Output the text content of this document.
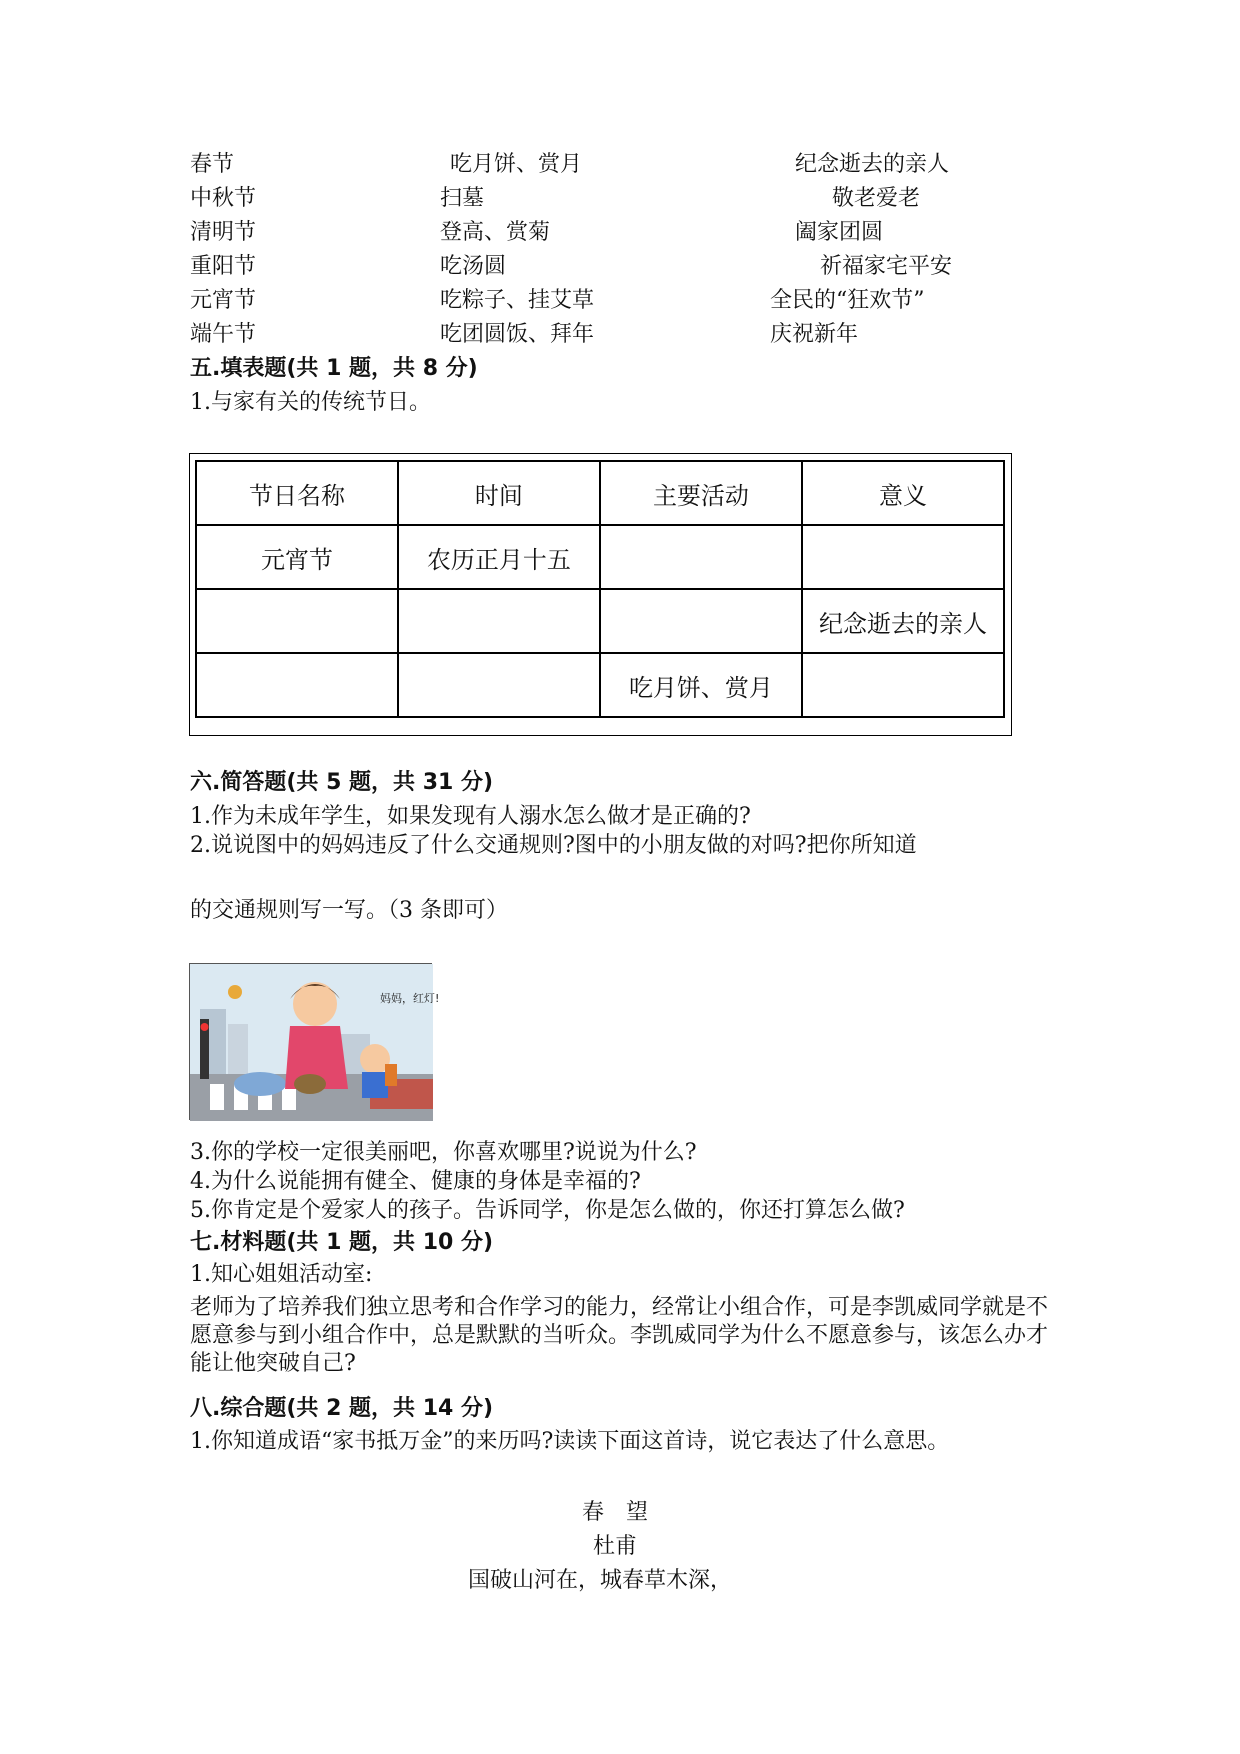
春节	吃月饼、赏月	纪念逝去的亲人
中秋节	扫墓	敬老爱老
清明节	登高、赏菊	阖家团圆
重阳节	吃汤圆	祈福家宅平安
元宵节	吃粽子、挂艾草	全民的“狂欢节”
端午节	吃团圆饭、拜年	庆祝新年
五.填表题(共 1 题，共 8 分)
1.与家有关的传统节日。
节日名称	时间	主要活动	意义
元宵节	农历正月十五		
			纪念逝去的亲人
		吃月饼、赏月	
六.简答题(共 5 题，共 31 分)
1.作为未成年学生，如果发现有人溺水怎么做才是正确的?
2.说说图中的妈妈违反了什么交通规则?图中的小朋友做的对吗?把你所知道
的交通规则写一写。（3 条即可）
妈妈，红灯!
3.你的学校一定很美丽吧，你喜欢哪里?说说为什么?
4.为什么说能拥有健全、健康的身体是幸福的?
5.你肯定是个爱家人的孩子。告诉同学，你是怎么做的，你还打算怎么做?
七.材料题(共 1 题，共 10 分)
1.知心姐姐活动室:
老师为了培养我们独立思考和合作学习的能力，经常让小组合作，可是李凯威同学就是不愿意参与到小组合作中，总是默默的当听众。李凯威同学为什么不愿意参与，该怎么办才能让他突破自己?
八.综合题(共 2 题，共 14 分)
1.你知道成语“家书抵万金”的来历吗?读读下面这首诗，说它表达了什么意思。
春　望
杜甫
国破山河在，城春草木深，
